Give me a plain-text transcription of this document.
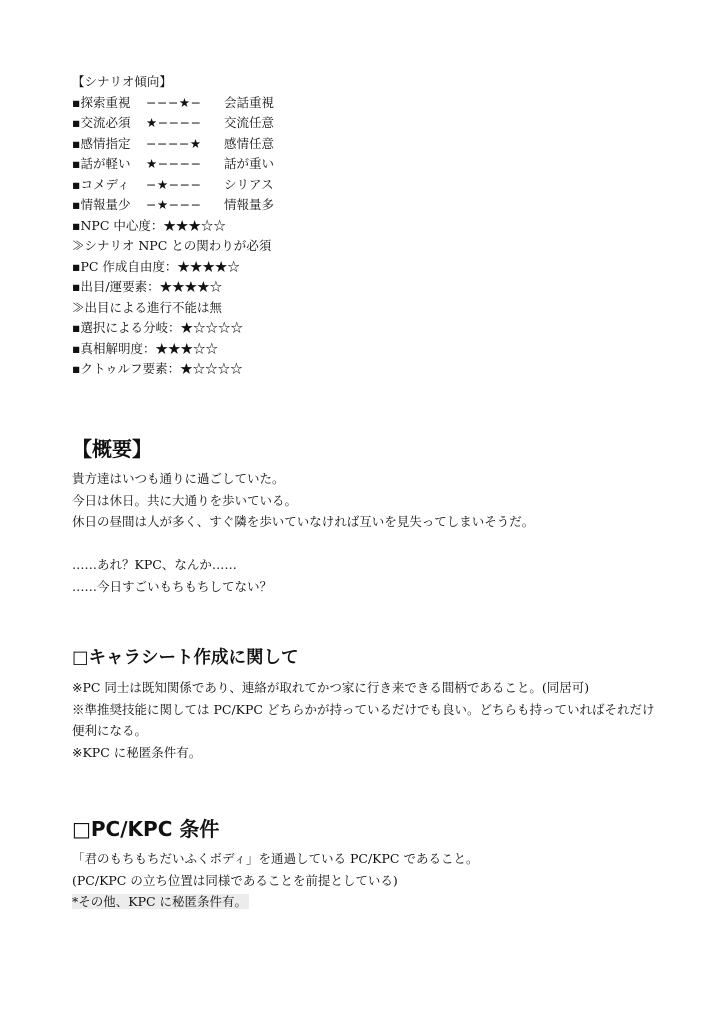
【シナリオ傾向】
▪探索重視	−−−★−	会話重視
▪交流必須	★−−−−	交流任意
▪感情指定	−−−−★	感情任意
▪話が軽い	★−−−−	話が重い
▪コメディ	−★−−−	シリアス
▪情報量少	−★−−−	情報量多
▪NPC 中心度：★★★☆☆
≫シナリオ NPC との関わりが必須
▪PC 作成自由度：★★★★☆
▪出目/運要素：★★★★☆
≫出目による進行不能は無
▪選択による分岐：★☆☆☆☆
▪真相解明度：★★★☆☆
▪クトゥルフ要素：★☆☆☆☆
【概要】
貴方達はいつも通りに過ごしていた。
今日は休日。共に大通りを歩いている。
休日の昼間は人が多く、すぐ隣を歩いていなければ互いを見失ってしまいそうだ。
……あれ？KPC、なんか……
……今日すごいもちもちしてない？
□キャラシート作成に関して
※PC 同士は既知関係であり、連絡が取れてかつ家に行き来できる間柄であること。(同居可)
※準推奨技能に関しては PC/KPC どちらかが持っているだけでも良い。どちらも持っていればそれだけ便利になる。
※KPC に秘匿条件有。
□PC/KPC 条件
「君のもちもちだいふくボディ」を通過している PC/KPC であること。
(PC/KPC の立ち位置は同様であることを前提としている)
*その他、KPC に秘匿条件有。
